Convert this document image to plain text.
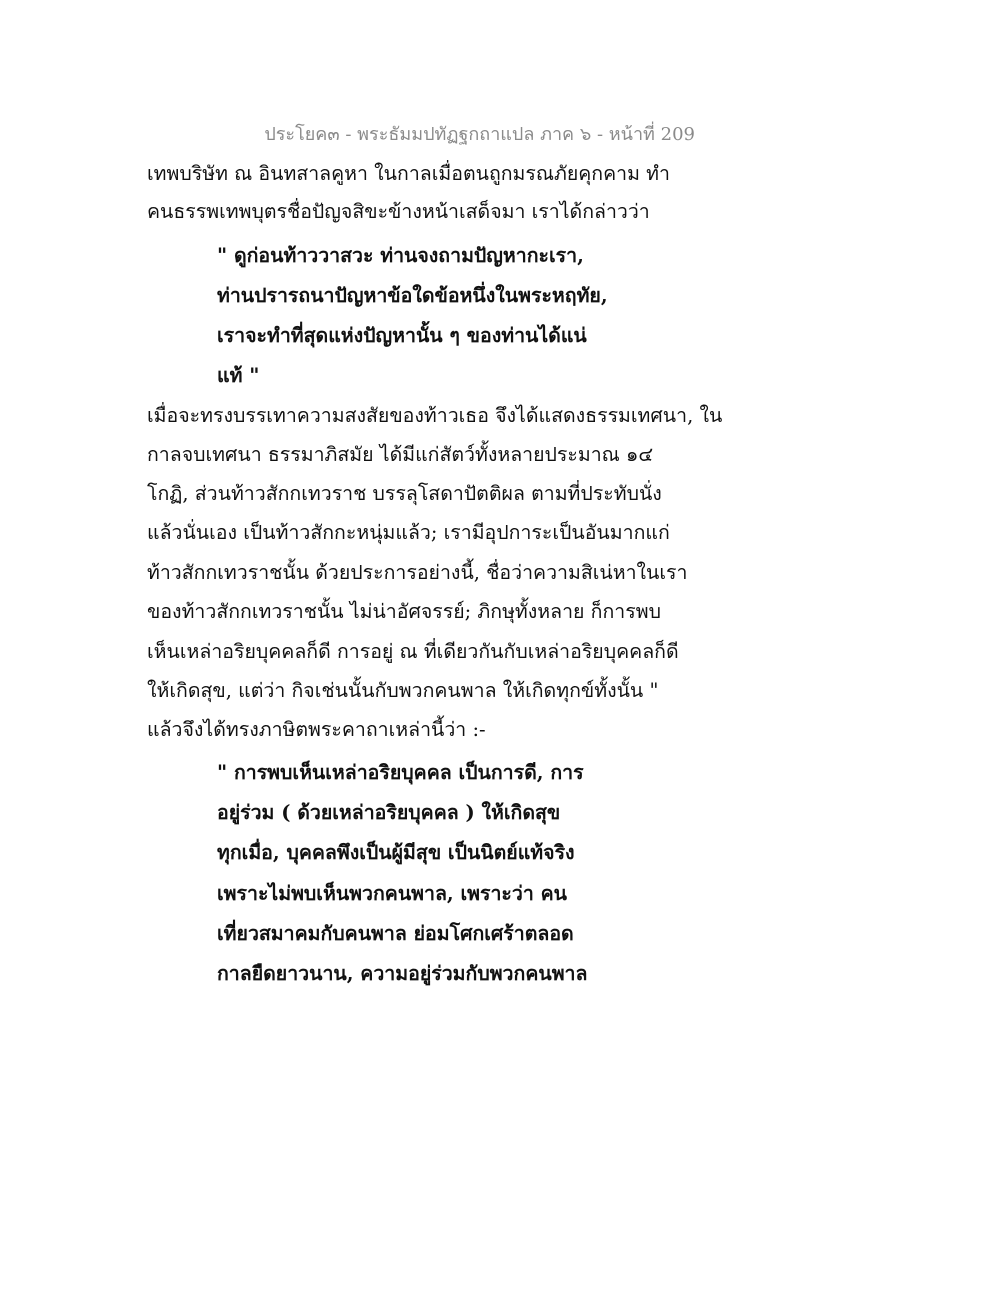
ประโยค๓ - พระธัมมปทัฏฐกถาแปล ภาค ๖ - หน้าที่ 209
เทพบริษัท ณ อินทสาลคูหา ในกาลเมื่อตนถูกมรณภัยคุกคาม ทำ
คนธรรพเทพบุตรชื่อปัญจสิขะข้างหน้าเสด็จมา เราได้กล่าวว่า
" ดูก่อนท้าววาสวะ ท่านจงถามปัญหากะเรา,
ท่านปรารถนาปัญหาข้อใดข้อหนึ่งในพระหฤทัย,
เราจะทำที่สุดแห่งปัญหานั้น ๆ ของท่านได้แน่
แท้ "
เมื่อจะทรงบรรเทาความสงสัยของท้าวเธอ จึงได้แสดงธรรมเทศนา, ใน
กาลจบเทศนา ธรรมาภิสมัย ได้มีแก่สัตว์ทั้งหลายประมาณ ๑๔
โกฏิ, ส่วนท้าวสักกเทวราช บรรลุโสดาปัตติผล ตามที่ประทับนั่ง
แล้วนั่นเอง เป็นท้าวสักกะหนุ่มแล้ว; เรามีอุปการะเป็นอันมากแก่
ท้าวสักกเทวราชนั้น ด้วยประการอย่างนี้, ชื่อว่าความสิเน่หาในเรา
ของท้าวสักกเทวราชนั้น ไม่น่าอัศจรรย์; ภิกษุทั้งหลาย ก็การพบ
เห็นเหล่าอริยบุคคลก็ดี การอยู่ ณ ที่เดียวกันกับเหล่าอริยบุคคลก็ดี
ให้เกิดสุข, แต่ว่า กิจเช่นนั้นกับพวกคนพาล ให้เกิดทุกข์ทั้งนั้น "
แล้วจึงได้ทรงภาษิตพระคาถาเหล่านี้ว่า :-
" การพบเห็นเหล่าอริยบุคคล เป็นการดี, การ
อยู่ร่วม ( ด้วยเหล่าอริยบุคคล ) ให้เกิดสุข
ทุกเมื่อ, บุคคลพึงเป็นผู้มีสุข เป็นนิตย์แท้จริง
เพราะไม่พบเห็นพวกคนพาล, เพราะว่า คน
เที่ยวสมาคมกับคนพาล ย่อมโศกเศร้าตลอด
กาลยืดยาวนาน, ความอยู่ร่วมกับพวกคนพาล
